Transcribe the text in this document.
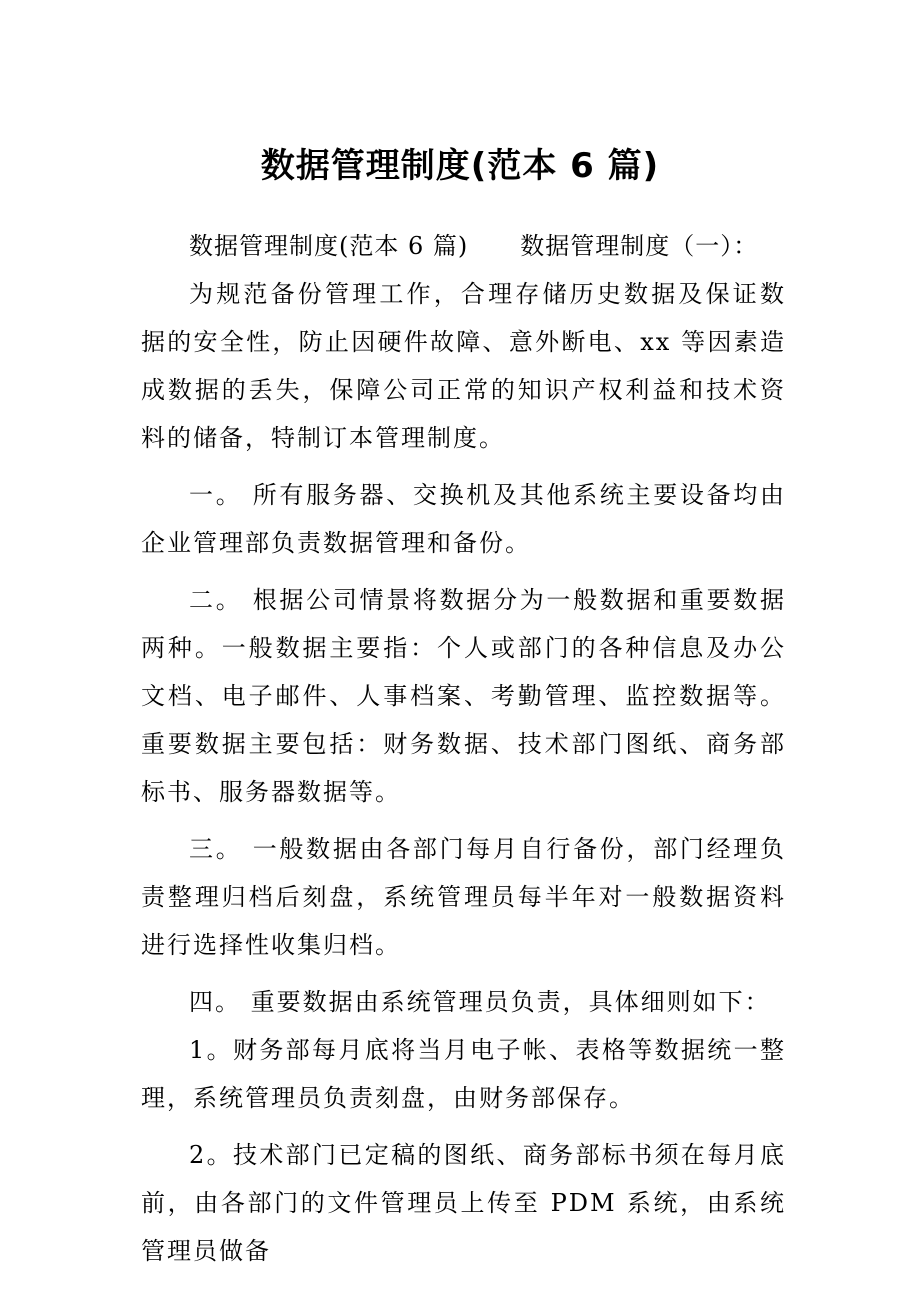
数据管理制度(范本 6 篇)

数据管理制度(范本 6 篇) 数据管理制度（一）：

为规范备份管理工作，合理存储历史数据及保证数据的安全性，防止因硬件故障、意外断电、xx 等因素造成数据的丢失，保障公司正常的知识产权利益和技术资料的储备，特制订本管理制度。

一。 所有服务器、交换机及其他系统主要设备均由企业管理部负责数据管理和备份。

二。 根据公司情景将数据分为一般数据和重要数据两种。一般数据主要指：个人或部门的各种信息及办公文档、电子邮件、人事档案、考勤管理、监控数据等。重要数据主要包括：财务数据、技术部门图纸、商务部标书、服务器数据等。

三。 一般数据由各部门每月自行备份，部门经理负责整理归档后刻盘，系统管理员每半年对一般数据资料进行选择性收集归档。

四。 重要数据由系统管理员负责，具体细则如下：

1。财务部每月底将当月电子帐、表格等数据统一整理，系统管理员负责刻盘，由财务部保存。

2。技术部门已定稿的图纸、商务部标书须在每月底前，由各部门的文件管理员上传至 PDM 系统，由系统管理员做备
